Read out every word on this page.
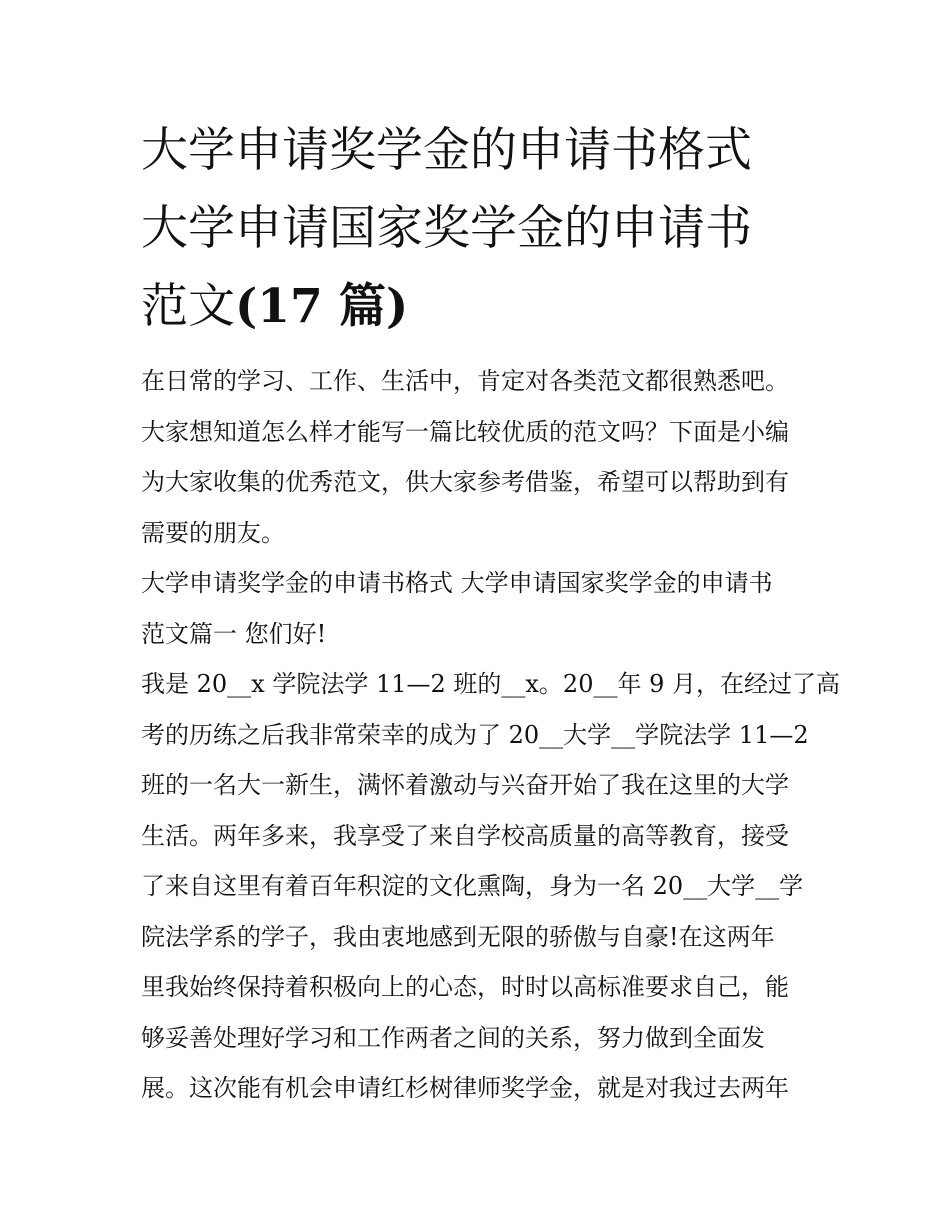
大学申请奖学金的申请书格式
大学申请国家奖学金的申请书
范文(17 篇)
在日常的学习、工作、生活中，肯定对各类范文都很熟悉吧。
大家想知道怎么样才能写一篇比较优质的范文吗？下面是小编
为大家收集的优秀范文，供大家参考借鉴，希望可以帮助到有
需要的朋友。
大学申请奖学金的申请书格式 大学申请国家奖学金的申请书
范文篇一 您们好!
我是 20__x 学院法学 11—2 班的__x。20__年 9 月，在经过了高
考的历练之后我非常荣幸的成为了 20__大学__学院法学 11—2
班的一名大一新生，满怀着激动与兴奋开始了我在这里的大学
生活。两年多来，我享受了来自学校高质量的高等教育，接受
了来自这里有着百年积淀的文化熏陶，身为一名 20__大学__学
院法学系的学子，我由衷地感到无限的骄傲与自豪!在这两年
里我始终保持着积极向上的心态，时时以高标准要求自己，能
够妥善处理好学习和工作两者之间的关系，努力做到全面发
展。这次能有机会申请红杉树律师奖学金，就是对我过去两年
